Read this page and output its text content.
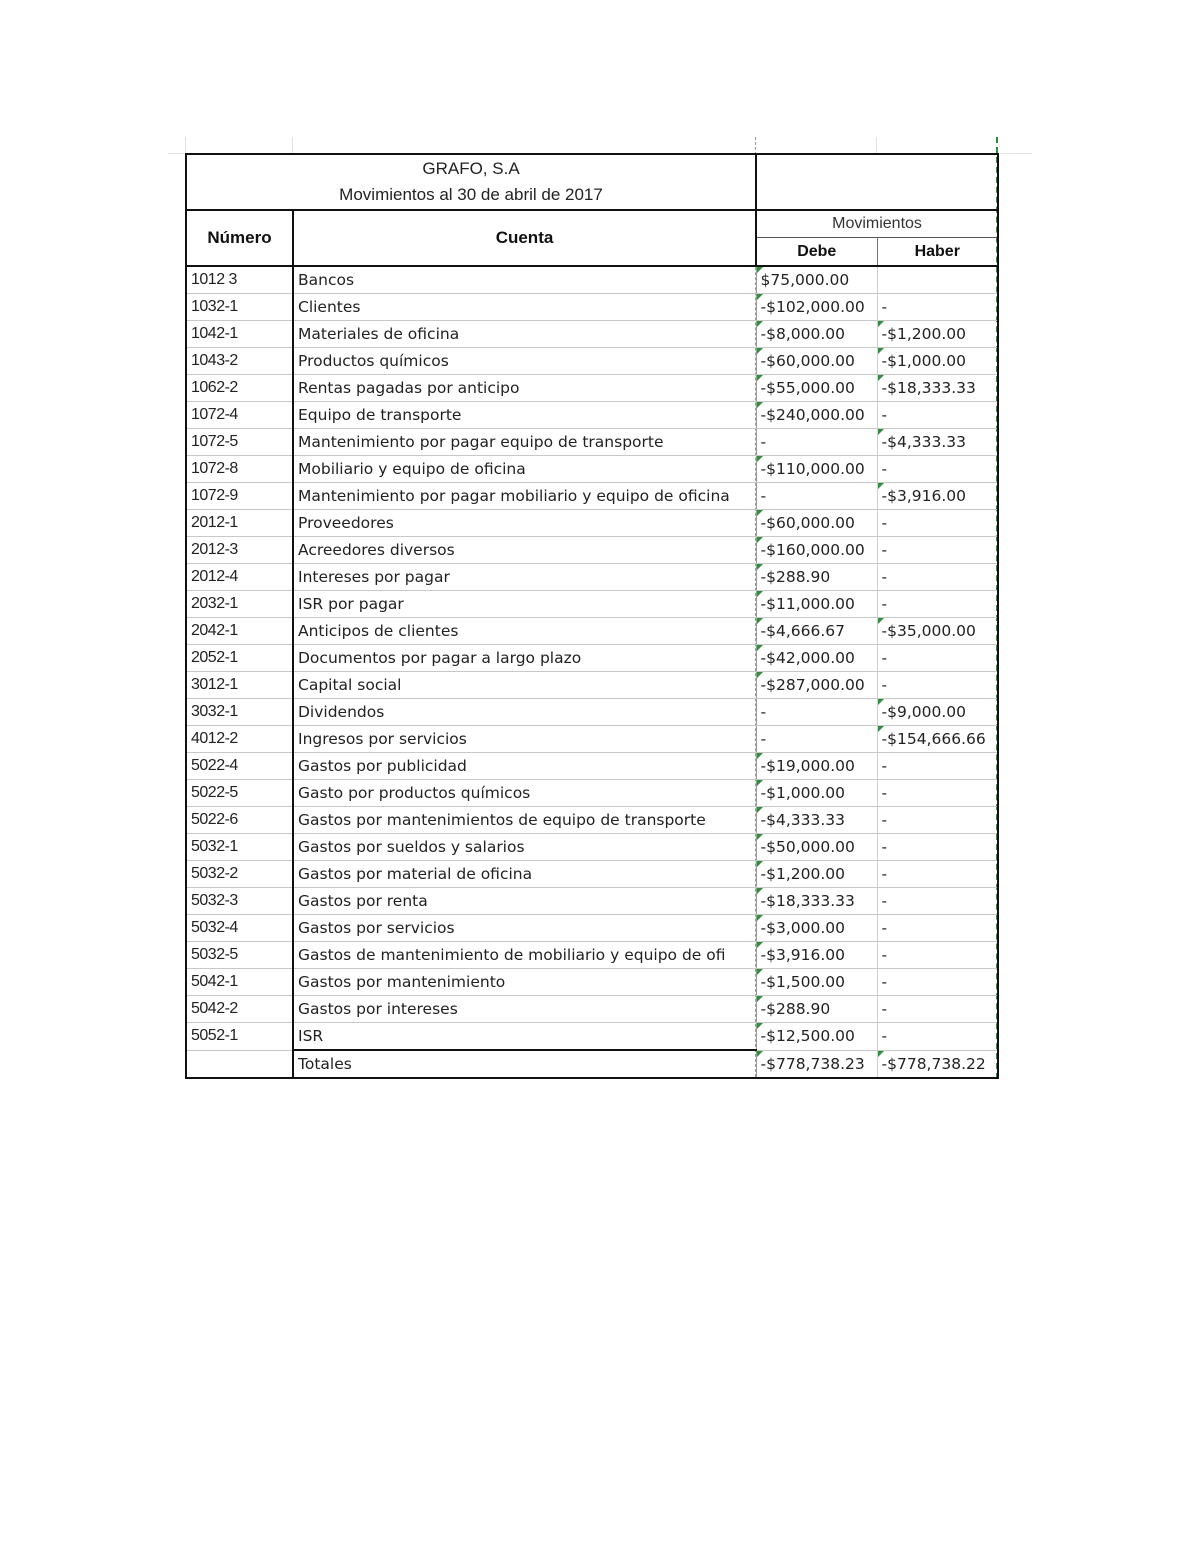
GRAFO, S.A
Movimientos al 30 de abril de 2017			

Número	Cuenta	Movimientos	
		Debe	Haber
1012 3	Bancos	$75,000.00	
1032-1	Clientes	-$102,000.00	-
1042-1	Materiales de oficina	-$8,000.00	-$1,200.00
1043-2	Productos químicos	-$60,000.00	-$1,000.00
1062-2	Rentas pagadas por anticipo	-$55,000.00	-$18,333.33
1072-4	Equipo de transporte	-$240,000.00	-
1072-5	Mantenimiento por pagar equipo de transporte	-	-$4,333.33
1072-8	Mobiliario y equipo de oficina	-$110,000.00	-
1072-9	Mantenimiento por pagar mobiliario y equipo de oficina	-	-$3,916.00
2012-1	Proveedores	-$60,000.00	-
2012-3	Acreedores diversos	-$160,000.00	-
2012-4	Intereses por pagar	-$288.90	-
2032-1	ISR por pagar	-$11,000.00	-
2042-1	Anticipos de clientes	-$4,666.67	-$35,000.00
2052-1	Documentos por pagar a largo plazo	-$42,000.00	-
3012-1	Capital social	-$287,000.00	-
3032-1	Dividendos	-	-$9,000.00
4012-2	Ingresos por servicios	-	-$154,666.66
5022-4	Gastos por publicidad	-$19,000.00	-
5022-5	Gasto por productos químicos	-$1,000.00	-
5022-6	Gastos por mantenimientos de equipo de transporte	-$4,333.33	-
5032-1	Gastos por sueldos y salarios	-$50,000.00	-
5032-2	Gastos por material de oficina	-$1,200.00	-
5032-3	Gastos por renta	-$18,333.33	-
5032-4	Gastos por servicios	-$3,000.00	-
5032-5	Gastos de mantenimiento de mobiliario y equipo de ofi	-$3,916.00	-
5042-1	Gastos por mantenimiento	-$1,500.00	-
5042-2	Gastos por intereses	-$288.90	-
5052-1	ISR	-$12,500.00	-
	Totales	-$778,738.23	-$778,738.22
